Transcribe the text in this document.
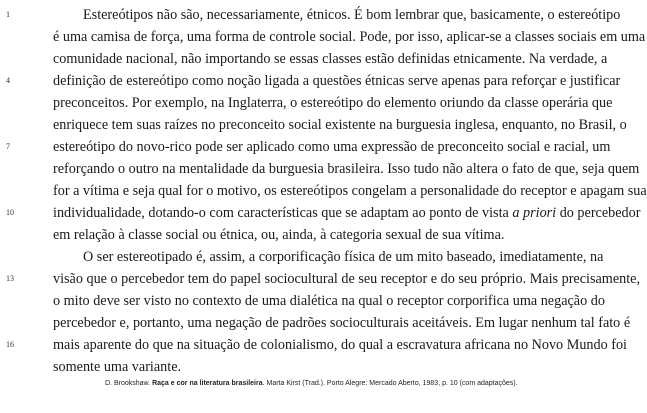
1
4
7
10
13
16
Estereótipos não são, necessariamente, étnicos. É bom lembrar que, basicamente, o estereótipo
é uma camisa de força, uma forma de controle social. Pode, por isso, aplicar-se a classes sociais em uma
comunidade nacional, não importando se essas classes estão definidas etnicamente. Na verdade, a
definição de estereótipo como noção ligada a questões étnicas serve apenas para reforçar e justificar
preconceitos. Por exemplo, na Inglaterra, o estereótipo do elemento oriundo da classe operária que
enriquece tem suas raízes no preconceito social existente na burguesia inglesa, enquanto, no Brasil, o
estereótipo do novo-rico pode ser aplicado como uma expressão de preconceito social e racial, um
reforçando o outro na mentalidade da burguesia brasileira. Isso tudo não altera o fato de que, seja quem
for a vítima e seja qual for o motivo, os estereótipos congelam a personalidade do receptor e apagam sua
individualidade, dotando-o com características que se adaptam ao ponto de vista a priori do percebedor
em relação à classe social ou étnica, ou, ainda, à categoria sexual de sua vítima.
O ser estereotipado é, assim, a corporificação física de um mito baseado, imediatamente, na
visão que o percebedor tem do papel sociocultural de seu receptor e do seu próprio. Mais precisamente,
o mito deve ser visto no contexto de uma dialética na qual o receptor corporifica uma negação do
percebedor e, portanto, uma negação de padrões socioculturais aceitáveis. Em lugar nenhum tal fato é
mais aparente do que na situação de colonialismo, do qual a escravatura africana no Novo Mundo foi
somente uma variante.
D. Brookshaw. Raça e cor na literatura brasileira. Marta Kirst (Trad.). Porto Alegre: Mercado Aberto, 1983, p. 10 (com adaptações).
